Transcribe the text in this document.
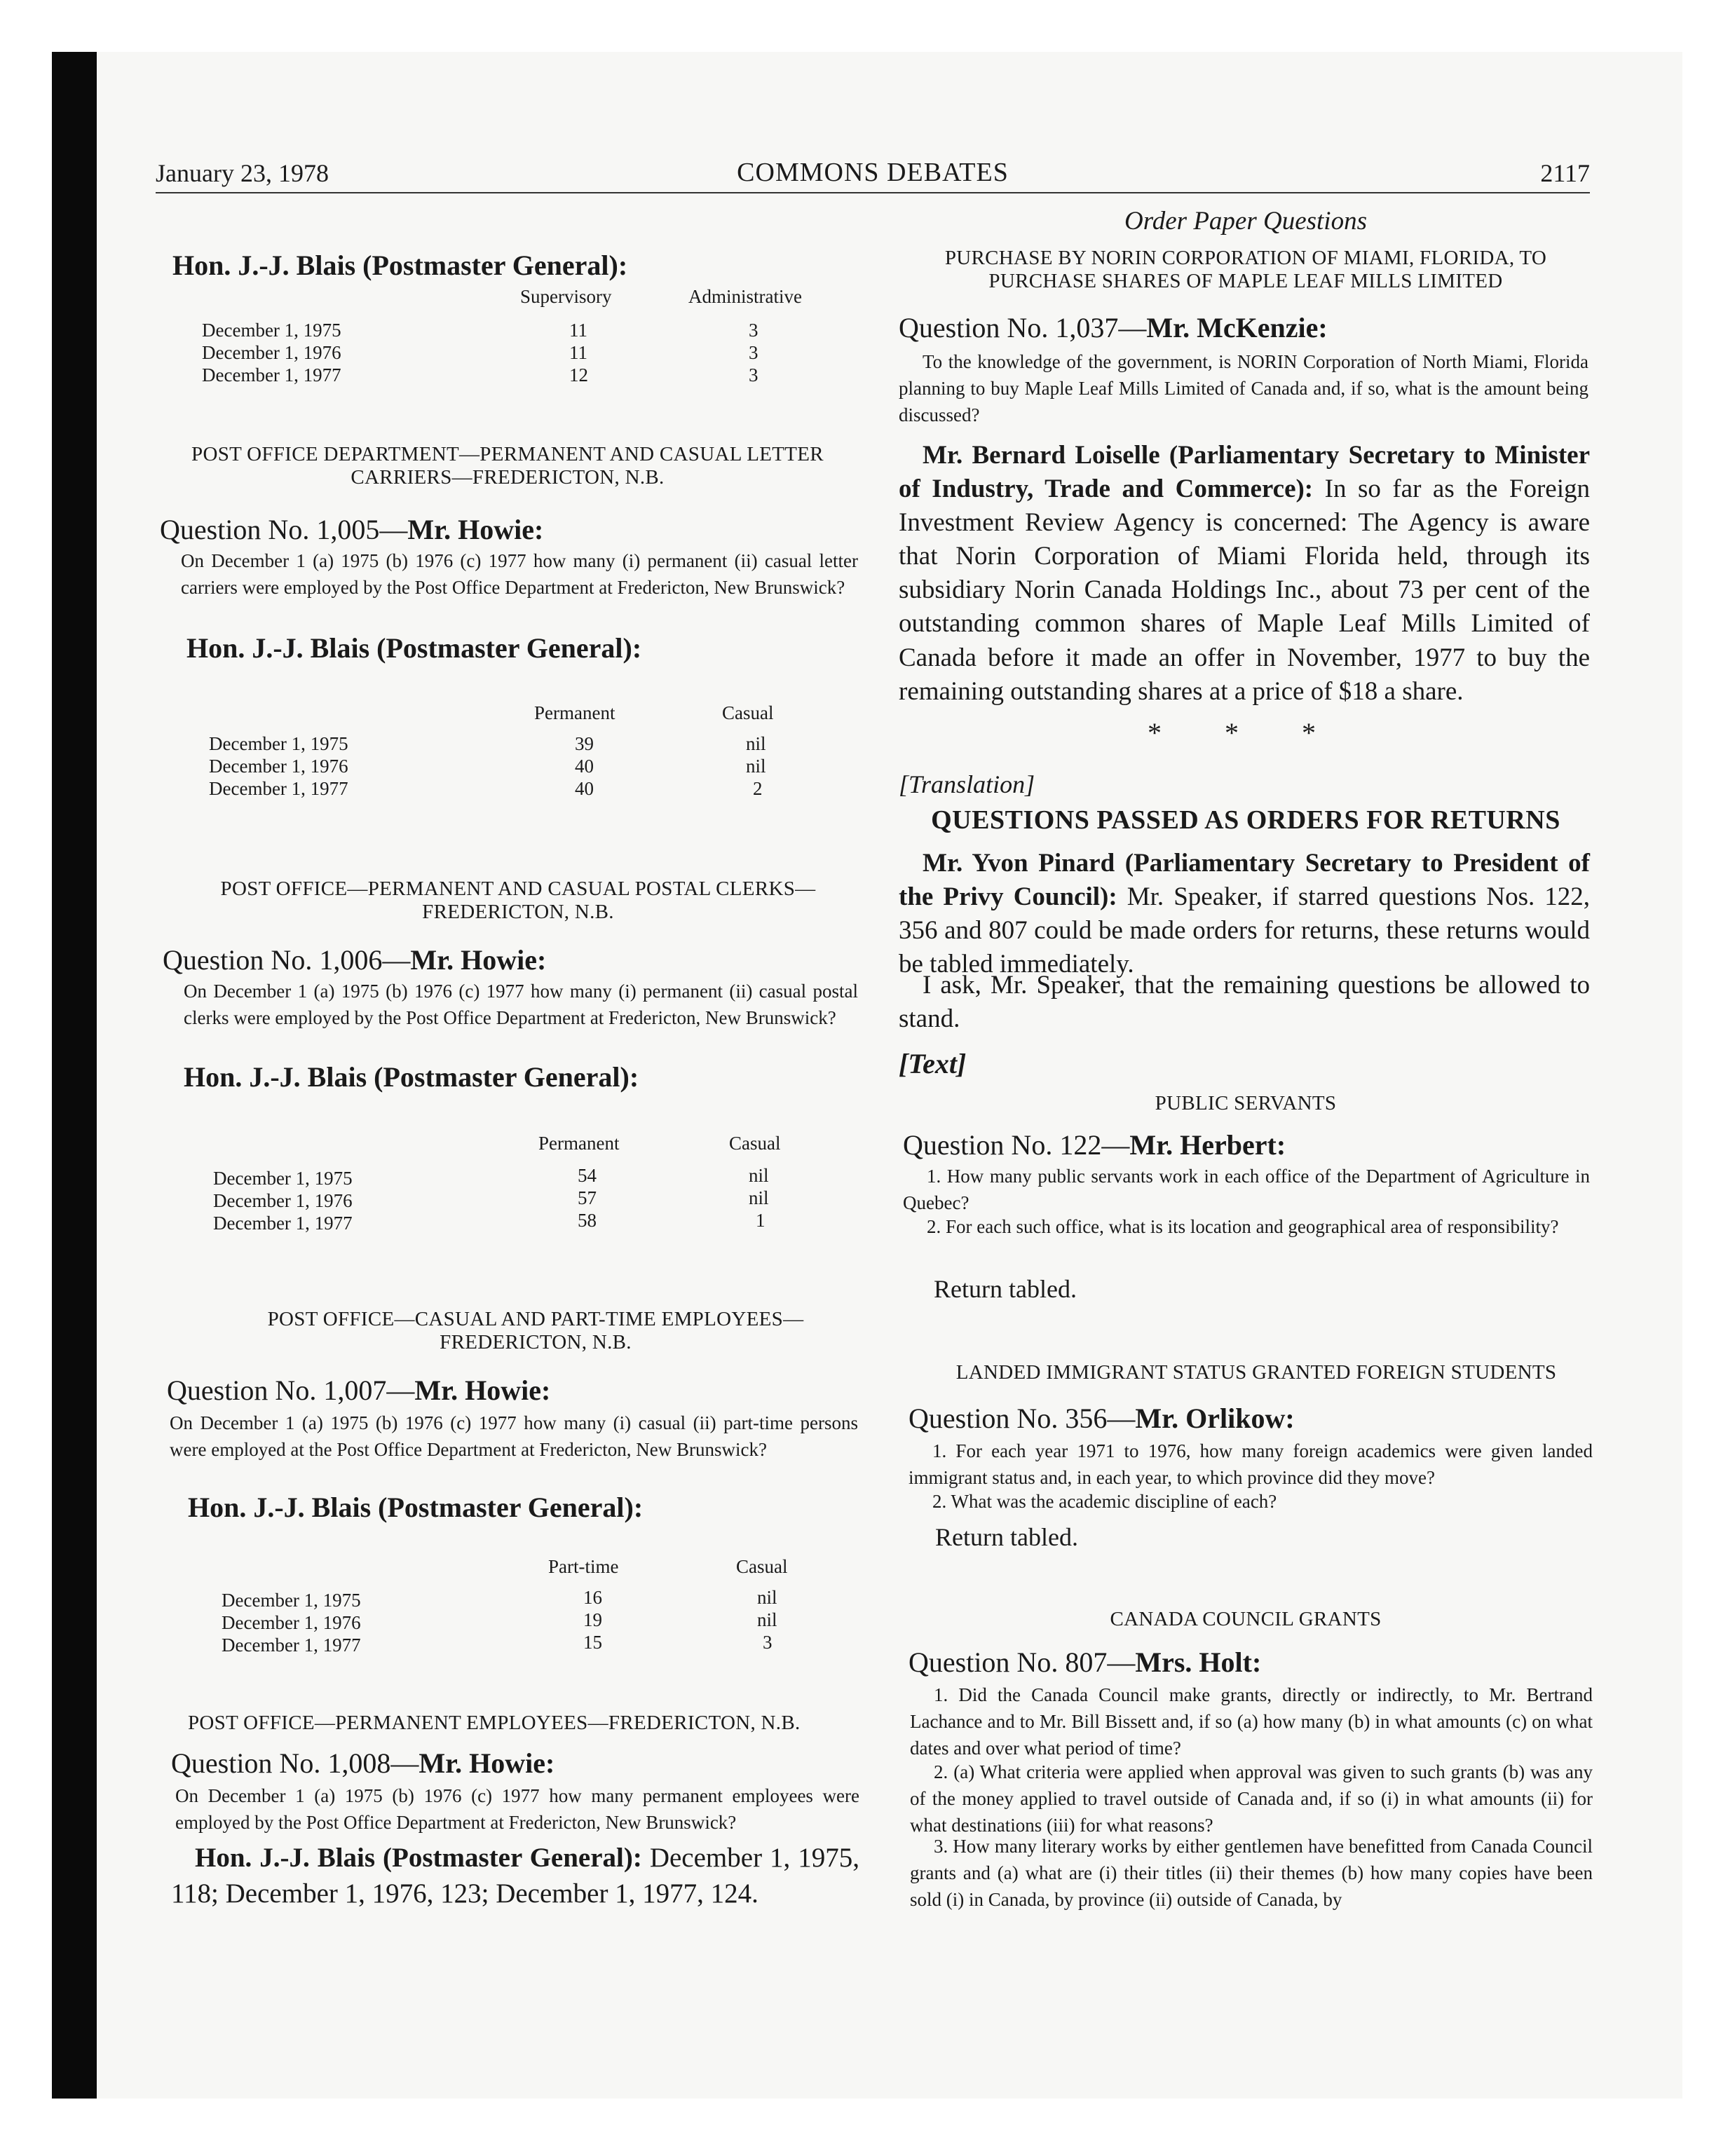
January 23, 1978	COMMONS DEBATES	2117

Hon. J.-J. Blais (Postmaster General):

Supervisory	Administrative
December 1, 1975	11	3
December 1, 1976	11	3
December 1, 1977	12	3

POST OFFICE DEPARTMENT—PERMANENT AND CASUAL LETTER CARRIERS—FREDERICTON, N.B.

Question No. 1,005—Mr. Howie:

On December 1 (a) 1975 (b) 1976 (c) 1977 how many (i) permanent (ii) casual letter carriers were employed by the Post Office Department at Fredericton, New Brunswick?

Hon. J.-J. Blais (Postmaster General):

Permanent	Casual
December 1, 1975	39	nil
December 1, 1976	40	nil
December 1, 1977	40	2

POST OFFICE—PERMANENT AND CASUAL POSTAL CLERKS— FREDERICTON, N.B.

Question No. 1,006—Mr. Howie:

On December 1 (a) 1975 (b) 1976 (c) 1977 how many (i) permanent (ii) casual postal clerks were employed by the Post Office Department at Fredericton, New Brunswick?

Hon. J.-J. Blais (Postmaster General):

Permanent	Casual
December 1, 1975	54	nil
December 1, 1976	57	nil
December 1, 1977	58	1

POST OFFICE—CASUAL AND PART-TIME EMPLOYEES— FREDERICTON, N.B.

Question No. 1,007—Mr. Howie:

On December 1 (a) 1975 (b) 1976 (c) 1977 how many (i) casual (ii) part-time persons were employed at the Post Office Department at Fredericton, New Brunswick?

Hon. J.-J. Blais (Postmaster General):

Part-time	Casual
December 1, 1975	16	nil
December 1, 1976	19	nil
December 1, 1977	15	3

POST OFFICE—PERMANENT EMPLOYEES—FREDERICTON, N.B.

Question No. 1,008—Mr. Howie:

On December 1 (a) 1975 (b) 1976 (c) 1977 how many permanent employees were employed by the Post Office Department at Fredericton, New Brunswick?

Hon. J.-J. Blais (Postmaster General): December 1, 1975, 118; December 1, 1976, 123; December 1, 1977, 124.

Order Paper Questions

PURCHASE BY NORIN CORPORATION OF MIAMI, FLORIDA, TO PURCHASE SHARES OF MAPLE LEAF MILLS LIMITED

Question No. 1,037—Mr. McKenzie:

To the knowledge of the government, is NORIN Corporation of North Miami, Florida planning to buy Maple Leaf Mills Limited of Canada and, if so, what is the amount being discussed?

Mr. Bernard Loiselle (Parliamentary Secretary to Minister of Industry, Trade and Commerce): In so far as the Foreign Investment Review Agency is concerned: The Agency is aware that Norin Corporation of Miami Florida held, through its subsidiary Norin Canada Holdings Inc., about 73 per cent of the outstanding common shares of Maple Leaf Mills Limited of Canada before it made an offer in November, 1977 to buy the remaining outstanding shares at a price of $18 a share.

* * *

[Translation]

QUESTIONS PASSED AS ORDERS FOR RETURNS

Mr. Yvon Pinard (Parliamentary Secretary to President of the Privy Council): Mr. Speaker, if starred questions Nos. 122, 356 and 807 could be made orders for returns, these returns would be tabled immediately.

I ask, Mr. Speaker, that the remaining questions be allowed to stand.

[Text]

PUBLIC SERVANTS

Question No. 122—Mr. Herbert:

1. How many public servants work in each office of the Department of Agriculture in Quebec?

2. For each such office, what is its location and geographical area of responsibility?

Return tabled.

LANDED IMMIGRANT STATUS GRANTED FOREIGN STUDENTS

Question No. 356—Mr. Orlikow:

1. For each year 1971 to 1976, how many foreign academics were given landed immigrant status and, in each year, to which province did they move?

2. What was the academic discipline of each?

Return tabled.

CANADA COUNCIL GRANTS

Question No. 807—Mrs. Holt:

1. Did the Canada Council make grants, directly or indirectly, to Mr. Bertrand Lachance and to Mr. Bill Bissett and, if so (a) how many (b) in what amounts (c) on what dates and over what period of time?

2. (a) What criteria were applied when approval was given to such grants (b) was any of the money applied to travel outside of Canada and, if so (i) in what amounts (ii) for what destinations (iii) for what reasons?

3. How many literary works by either gentlemen have benefitted from Canada Council grants and (a) what are (i) their titles (ii) their themes (b) how many copies have been sold (i) in Canada, by province (ii) outside of Canada, by
